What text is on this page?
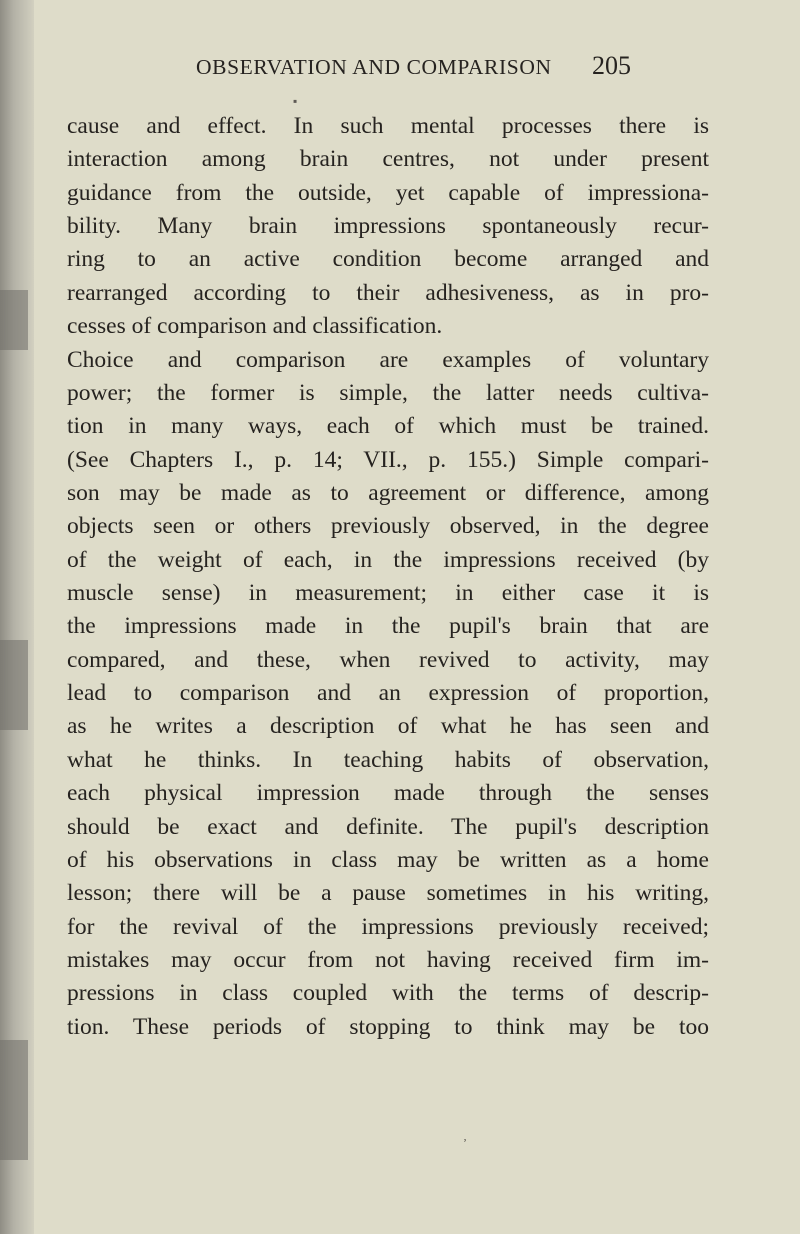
OBSERVATION AND COMPARISON 205
▪
ʼ
cause and effect. In such mental processes there is
interaction among brain centres, not under present
guidance from the outside, yet capable of impressiona-
bility. Many brain impressions spontaneously recur-
ring to an active condition become arranged and
rearranged according to their adhesiveness, as in pro-
cesses of comparison and classification.
Choice and comparison are examples of voluntary
power; the former is simple, the latter needs cultiva-
tion in many ways, each of which must be trained.
(See Chapters I., p. 14; VII., p. 155.) Simple compari-
son may be made as to agreement or difference, among
objects seen or others previously observed, in the degree
of the weight of each, in the impressions received (by
muscle sense) in measurement; in either case it is
the impressions made in the pupil's brain that are
compared, and these, when revived to activity, may
lead to comparison and an expression of proportion,
as he writes a description of what he has seen and
what he thinks. In teaching habits of observation,
each physical impression made through the senses
should be exact and definite. The pupil's description
of his observations in class may be written as a home
lesson; there will be a pause sometimes in his writing,
for the revival of the impressions previously received;
mistakes may occur from not having received firm im-
pressions in class coupled with the terms of descrip-
tion. These periods of stopping to think may be too
